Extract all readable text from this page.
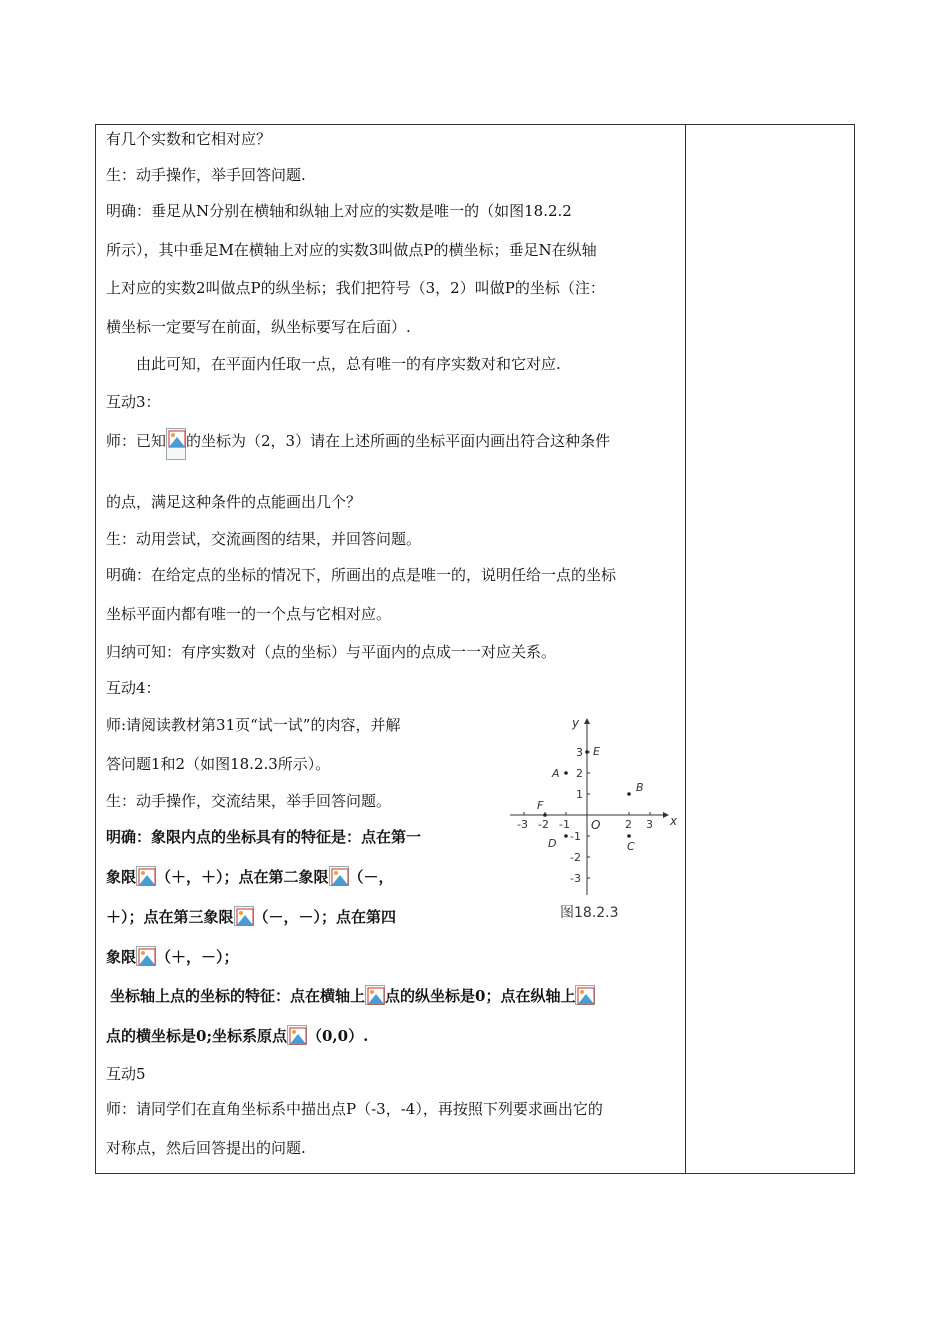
有几个实数和它相对应？
生：动手操作，举手回答问题.
明确：垂足从N分别在横轴和纵轴上对应的实数是唯一的（如图18.2.2
所示），其中垂足M在横轴上对应的实数3叫做点P的横坐标；垂足N在纵轴
上对应的实数2叫做点P的纵坐标；我们把符号（3，2）叫做P的坐标（注：
横坐标一定要写在前面，纵坐标要写在后面）.
由此可知，在平面内任取一点，总有唯一的有序实数对和它对应.
互动3：
师：已知 的坐标为（2，3）请在上述所画的坐标平面内画出符合这种条件
的点，满足这种条件的点能画出几个？
生：动用尝试，交流画图的结果，并回答问题。
明确：在给定点的坐标的情况下，所画出的点是唯一的，说明任给一点的坐标
坐标平面内都有唯一的一个点与它相对应。
归纳可知：有序实数对（点的坐标）与平面内的点成一一对应关系。
互动4：
师:请阅读教材第31页“试一试”的肉容，并解
答问题1和2（如图18.2.3所示）。
生：动手操作，交流结果，举手回答问题。
明确：象限内点的坐标具有的特征是：点在第一
象限 （＋，＋）；点在第二象限 （－，
＋）；点在第三象限 （－，－）；点在第四
象限 （＋，－）；
坐标轴上点的坐标的特征：点在横轴上 点的纵坐标是0；点在纵轴上
点的横坐标是0;坐标系原点 （0,0）.
互动5
师：请同学们在直角坐标系中描出点P（-3，-4），再按照下列要求画出它的
对称点，然后回答提出的问题.
-3 -2 -1	2 3
3
2
1
-1
-2
-3
A
B
C
D
E
F
x
y
O
图18.2.3
